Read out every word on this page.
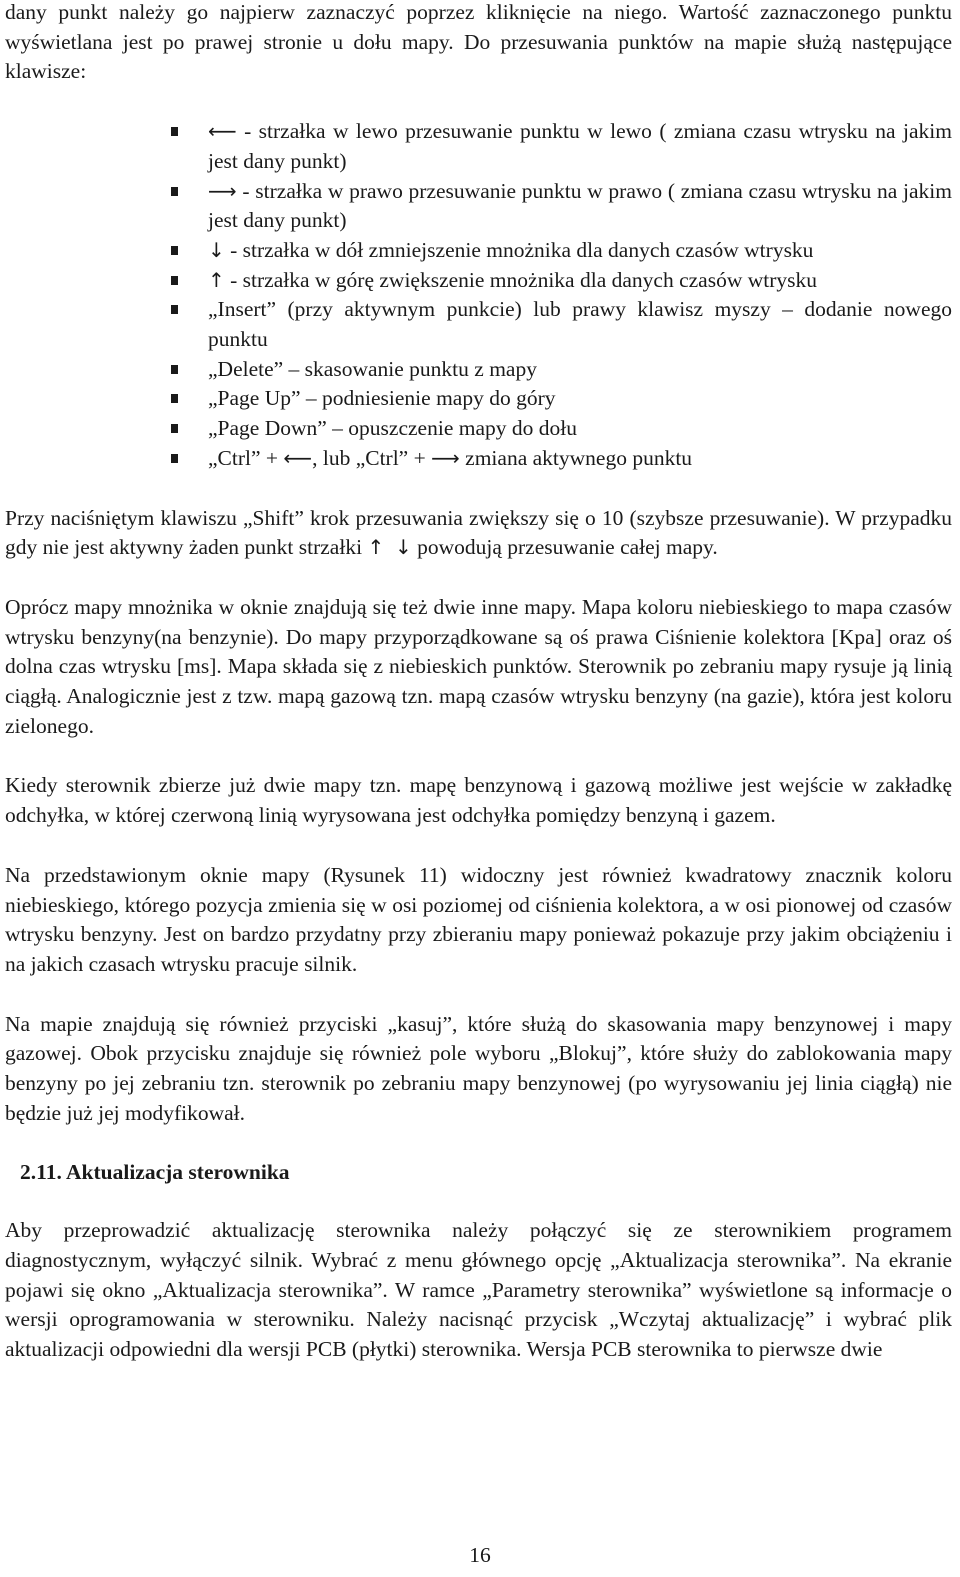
dany punkt należy go najpierw zaznaczyć poprzez kliknięcie na niego. Wartość zaznaczonego punktu wyświetlana jest po prawej stronie u dołu mapy. Do przesuwania punktów na mapie służą następujące klawisze:

⟵ - strzałka w lewo przesuwanie punktu w lewo ( zmiana czasu wtrysku na jakim jest dany punkt)
⟶ - strzałka w prawo przesuwanie punktu w prawo ( zmiana czasu wtrysku na jakim jest dany punkt)
↓ - strzałka w dół zmniejszenie mnożnika dla danych czasów wtrysku
↑ - strzałka w górę zwiększenie mnożnika dla danych czasów wtrysku
„Insert” (przy aktywnym punkcie) lub prawy klawisz myszy – dodanie nowego punktu
„Delete” – skasowanie punktu z mapy
„Page Up” – podniesienie mapy do góry
„Page Down” – opuszczenie mapy do dołu
„Ctrl” + ⟵, lub „Ctrl” + ⟶ zmiana aktywnego punktu

Przy naciśniętym klawiszu „Shift” krok przesuwania zwiększy się o 10 (szybsze przesuwanie). W przypadku gdy nie jest aktywny żaden punkt strzałki ↑ ↓ powodują przesuwanie całej mapy.

Oprócz mapy mnożnika w oknie znajdują się też dwie inne mapy. Mapa koloru niebieskiego to mapa czasów wtrysku benzyny(na benzynie). Do mapy przyporządkowane są oś prawa Ciśnienie kolektora [Kpa] oraz oś dolna czas wtrysku [ms]. Mapa składa się z niebieskich punktów. Sterownik po zebraniu mapy rysuje ją linią ciągłą. Analogicznie jest z tzw. mapą gazową tzn. mapą czasów wtrysku benzyny (na gazie), która jest koloru zielonego.

Kiedy sterownik zbierze już dwie mapy tzn. mapę benzynową i gazową możliwe jest wejście w zakładkę odchyłka, w której czerwoną linią wyrysowana jest odchyłka pomiędzy benzyną i gazem.

Na przedstawionym oknie mapy (Rysunek 11) widoczny jest również kwadratowy znacznik koloru niebieskiego, którego pozycja zmienia się w osi poziomej od ciśnienia kolektora, a w osi pionowej od czasów wtrysku benzyny. Jest on bardzo przydatny przy zbieraniu mapy ponieważ pokazuje przy jakim obciążeniu i na jakich czasach wtrysku pracuje silnik.

Na mapie znajdują się również przyciski „kasuj”, które służą do skasowania mapy benzynowej i mapy gazowej. Obok przycisku znajduje się również pole wyboru „Blokuj”, które służy do zablokowania mapy benzyny po jej zebraniu tzn. sterownik po zebraniu mapy benzynowej (po wyrysowaniu jej linia ciągłą) nie będzie już jej modyfikował.

2.11. Aktualizacja sterownika

Aby przeprowadzić aktualizację sterownika należy połączyć się ze sterownikiem programem diagnostycznym, wyłączyć silnik. Wybrać z menu głównego opcję „Aktualizacja sterownika”. Na ekranie pojawi się okno „Aktualizacja sterownika”. W ramce „Parametry sterownika” wyświetlone są informacje o wersji oprogramowania w sterowniku. Należy nacisnąć przycisk „Wczytaj aktualizację” i wybrać plik aktualizacji odpowiedni dla wersji PCB (płytki) sterownika. Wersja PCB sterownika to pierwsze dwie

16
